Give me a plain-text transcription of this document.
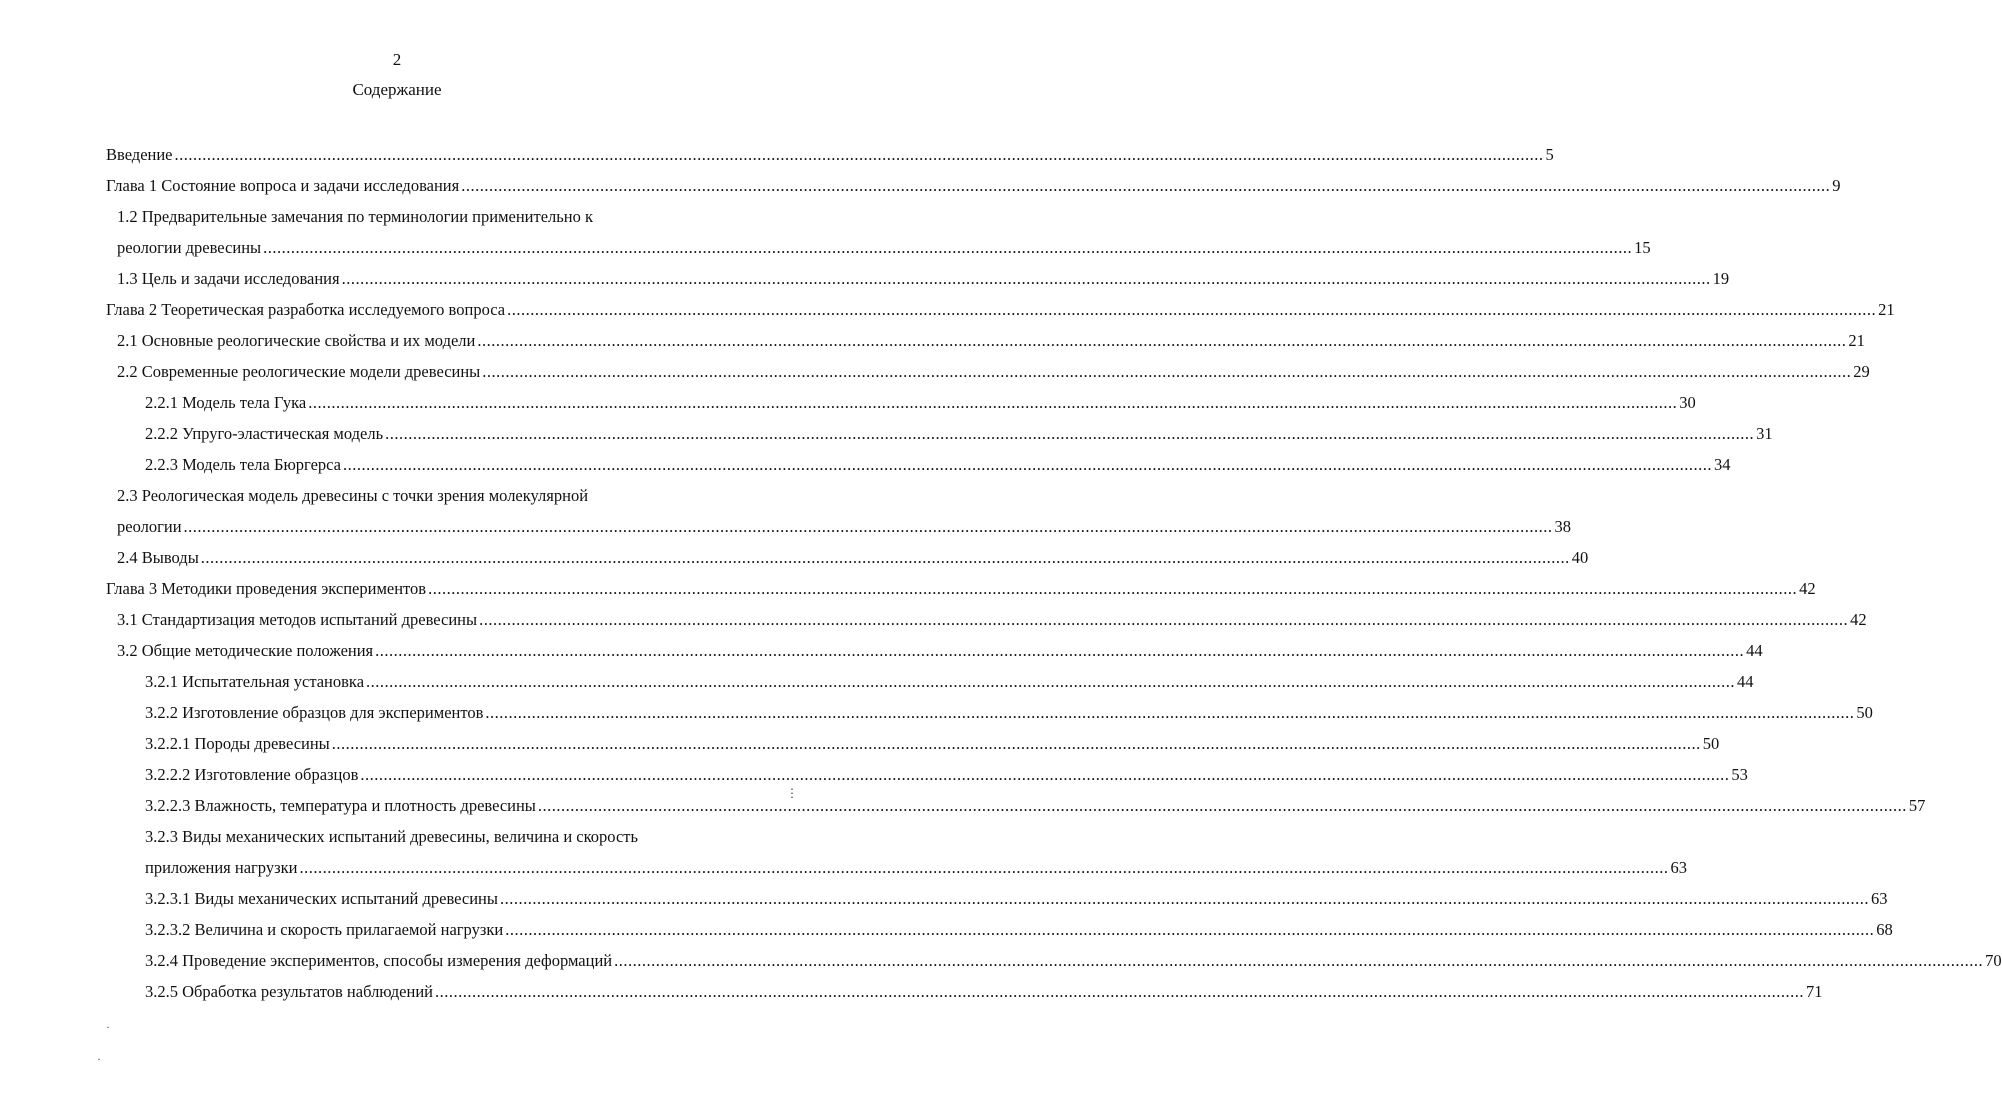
2
Содержание
Введение .....	5
Глава 1 Состояние вопроса и задачи исследования .....	9
1.2 Предварительные замечания по терминологии применительно к
реологии древесины .....	15
1.3 Цель и задачи исследования .....	19
Глава 2 Теоретическая разработка исследуемого вопроса .....	21
2.1 Основные реологические свойства и их модели .....	21
2.2 Современные реологические модели древесины .....	29
2.2.1 Модель тела Гука .....	30
2.2.2 Упруго-эластическая модель .....	31
2.2.3 Модель тела Бюргерса .....	34
2.3 Реологическая модель древесины с точки зрения молекулярной
реологии .....	38
2.4 Выводы .....	40
Глава 3 Методики проведения экспериментов .....	42
3.1 Стандартизация методов испытаний древесины .....	42
3.2 Общие методические положения .....	44
3.2.1 Испытательная установка .....	44
3.2.2 Изготовление образцов для экспериментов .....	50
3.2.2.1 Породы древесины .....	50
3.2.2.2 Изготовление образцов .....	53
3.2.2.3 Влажность, температура и плотность древесины .....	57
3.2.3 Виды механических испытаний древесины, величина и скорость
приложения нагрузки .....	63
3.2.3.1 Виды механических испытаний древесины .....	63
3.2.3.2 Величина и скорость прилагаемой нагрузки .....	68
3.2.4 Проведение экспериментов, способы измерения деформаций .....	70
3.2.5 Обработка результатов наблюдений .....	71
⋮
·
·
